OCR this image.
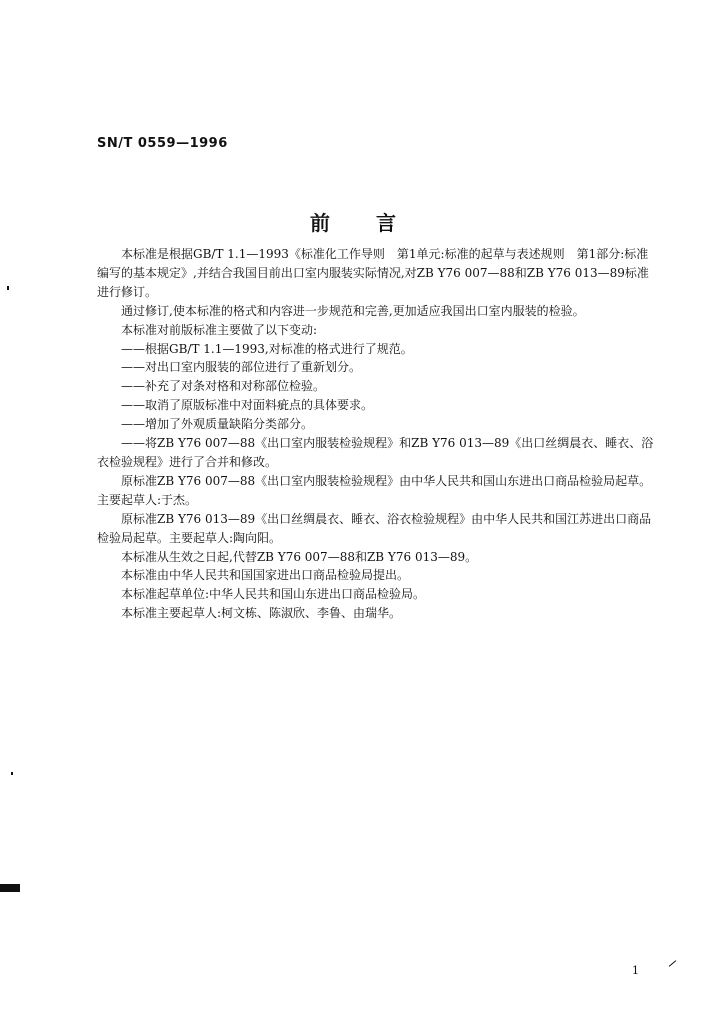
SN/T 0559—1996
前言

本标准是根据GB/T 1.1—1993《标准化工作导则　第1单元:标准的起草与表述规则　第1部分:标准编写的基本规定》,并结合我国目前出口室内服装实际情况,对ZB Y76 007—88和ZB Y76 013—89标准进行修订。

通过修订,使本标准的格式和内容进一步规范和完善,更加适应我国出口室内服装的检验。

本标准对前版标准主要做了以下变动:

——根据GB/T 1.1—1993,对标准的格式进行了规范。

——对出口室内服装的部位进行了重新划分。

——补充了对条对格和对称部位检验。

——取消了原版标准中对面料疵点的具体要求。

——增加了外观质量缺陷分类部分。

——将ZB Y76 007—88《出口室内服装检验规程》和ZB Y76 013—89《出口丝绸晨衣、睡衣、浴衣检验规程》进行了合并和修改。

原标准ZB Y76 007—88《出口室内服装检验规程》由中华人民共和国山东进出口商品检验局起草。主要起草人:于杰。

原标准ZB Y76 013—89《出口丝绸晨衣、睡衣、浴衣检验规程》由中华人民共和国江苏进出口商品检验局起草。主要起草人:陶向阳。

本标准从生效之日起,代替ZB Y76 007—88和ZB Y76 013—89。

本标准由中华人民共和国国家进出口商品检验局提出。

本标准起草单位:中华人民共和国山东进出口商品检验局。

本标准主要起草人:柯文栋、陈淑欣、李鲁、由瑞华。

1
